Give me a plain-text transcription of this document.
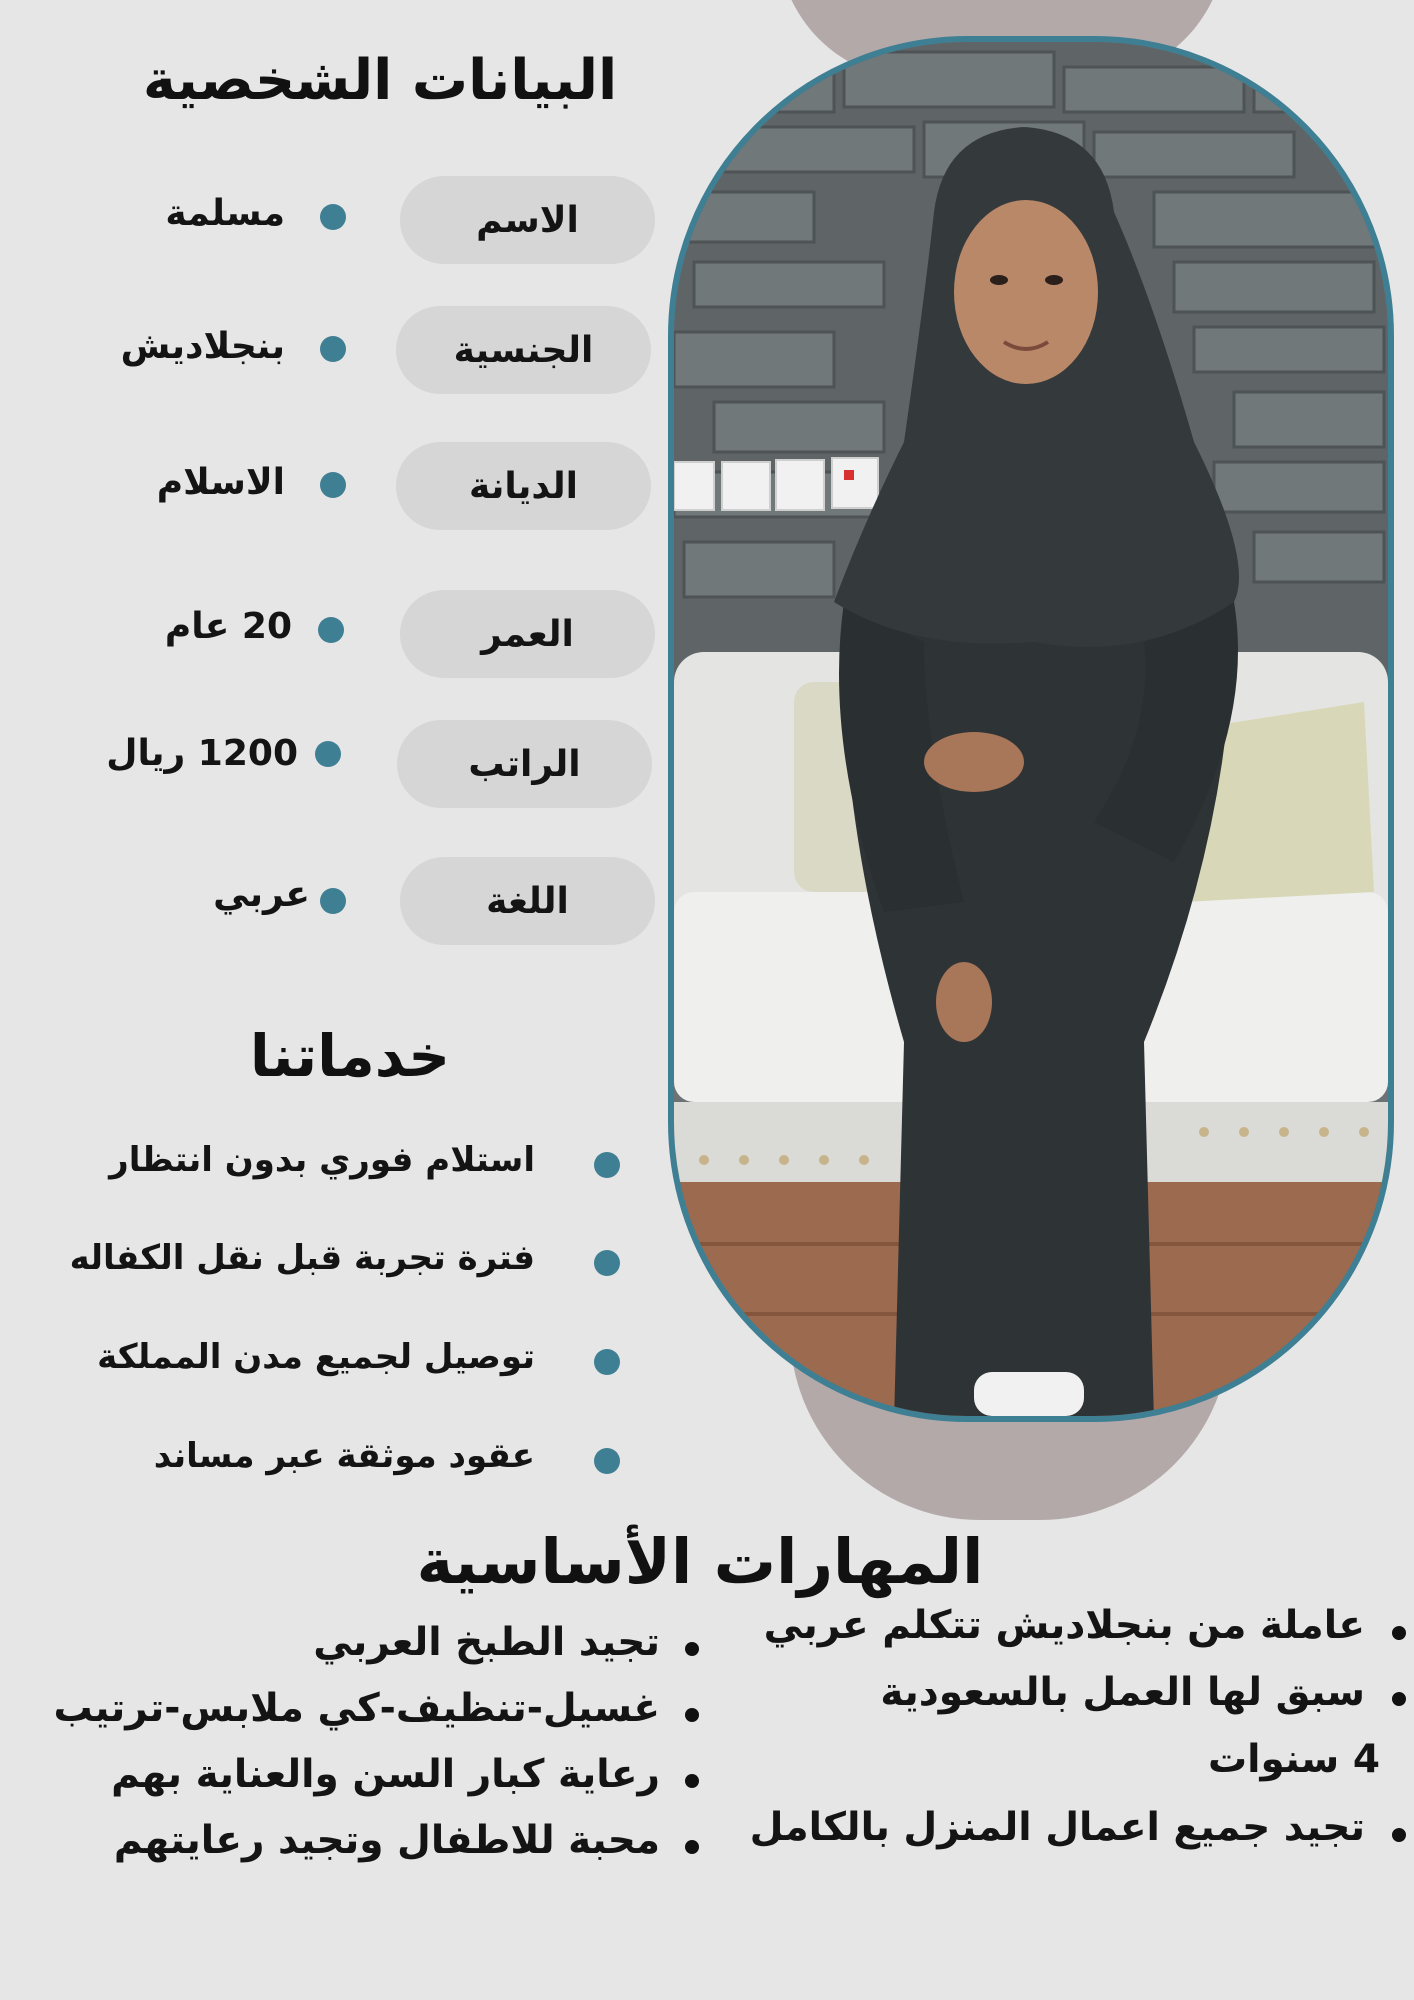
البيانات الشخصية
الاسم
مسلمة
الجنسية
بنجلاديش
الديانة
الاسلام
العمر
20 عام
الراتب
1200 ريال
اللغة
عربي
خدماتنا
استلام فوري بدون انتظار
فترة تجربة قبل نقل الكفاله
توصيل لجميع مدن المملكة
عقود موثقة عبر مساند
المهارات الأساسية
عاملة من بنجلاديش تتكلم عربي
سبق لها العمل بالسعودية
4 سنوات
تجيد جميع اعمال المنزل بالكامل
تجيد الطبخ العربي
غسيل-تنظيف-كي ملابس-ترتيب
رعاية كبار السن والعناية بهم
محبة للاطفال وتجيد رعايتهم
